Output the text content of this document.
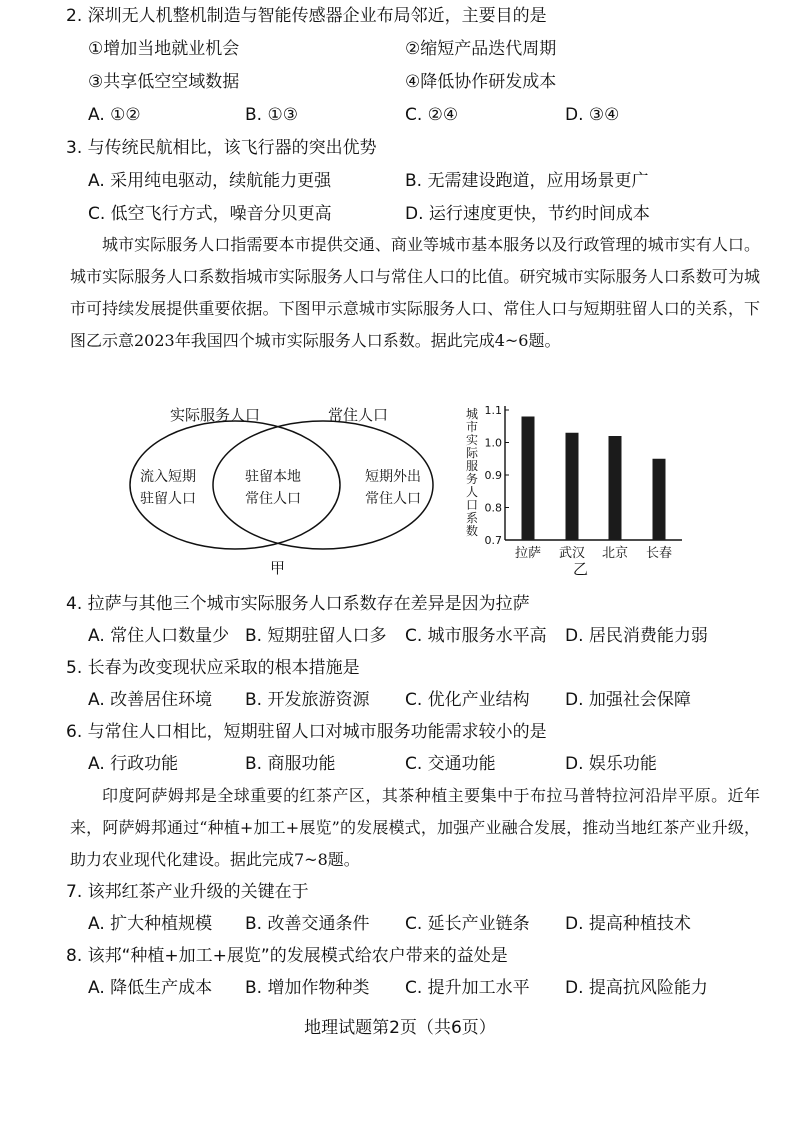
2. 深圳无人机整机制造与智能传感器企业布局邻近，主要目的是
①增加当地就业机会	②缩短产品迭代周期
③共享低空空域数据	④降低协作研发成本
A. ①②	B. ①③	C. ②④	D. ③④
3. 与传统民航相比，该飞行器的突出优势
A. 采用纯电驱动，续航能力更强	B. 无需建设跑道，应用场景更广
C. 低空飞行方式，噪音分贝更高	D. 运行速度更快，节约时间成本
城市实际服务人口指需要本市提供交通、商业等城市基本服务以及行政管理的城市实有人口。城市实际服务人口系数指城市实际服务人口与常住人口的比值。研究城市实际服务人口系数可为城市可持续发展提供重要依据。下图甲示意城市实际服务人口、常住人口与短期驻留人口的关系，下图乙示意2023年我国四个城市实际服务人口系数。据此完成4~6题。
实际服务人口	常住人口
流入短期
驻留人口
驻留本地
常住人口
短期外出
常住人口
甲
城
市
实
际
服
务
人
口
系
数
0.7
0.8
0.9
1.0
1.1
拉萨 武汉 北京 长春
乙
4. 拉萨与其他三个城市实际服务人口系数存在差异是因为拉萨
A. 常住人口数量少 B. 短期驻留人口多 C. 城市服务水平高 D. 居民消费能力弱
5. 长春为改变现状应采取的根本措施是
A. 改善居住环境 B. 开发旅游资源 C. 优化产业结构 D. 加强社会保障
6. 与常住人口相比，短期驻留人口对城市服务功能需求较小的是
A. 行政功能	B. 商服功能	C. 交通功能	D. 娱乐功能
印度阿萨姆邦是全球重要的红茶产区，其茶种植主要集中于布拉马普特拉河沿岸平原。近年来，阿萨姆邦通过“种植+加工+展览”的发展模式，加强产业融合发展，推动当地红茶产业升级，助力农业现代化建设。据此完成7~8题。
7. 该邦红茶产业升级的关键在于
A. 扩大种植规模 B. 改善交通条件 C. 延长产业链条 D. 提高种植技术
8. 该邦“种植+加工+展览”的发展模式给农户带来的益处是
A. 降低生产成本 B. 增加作物种类 C. 提升加工水平 D. 提高抗风险能力
地理试题第2页（共6页）
